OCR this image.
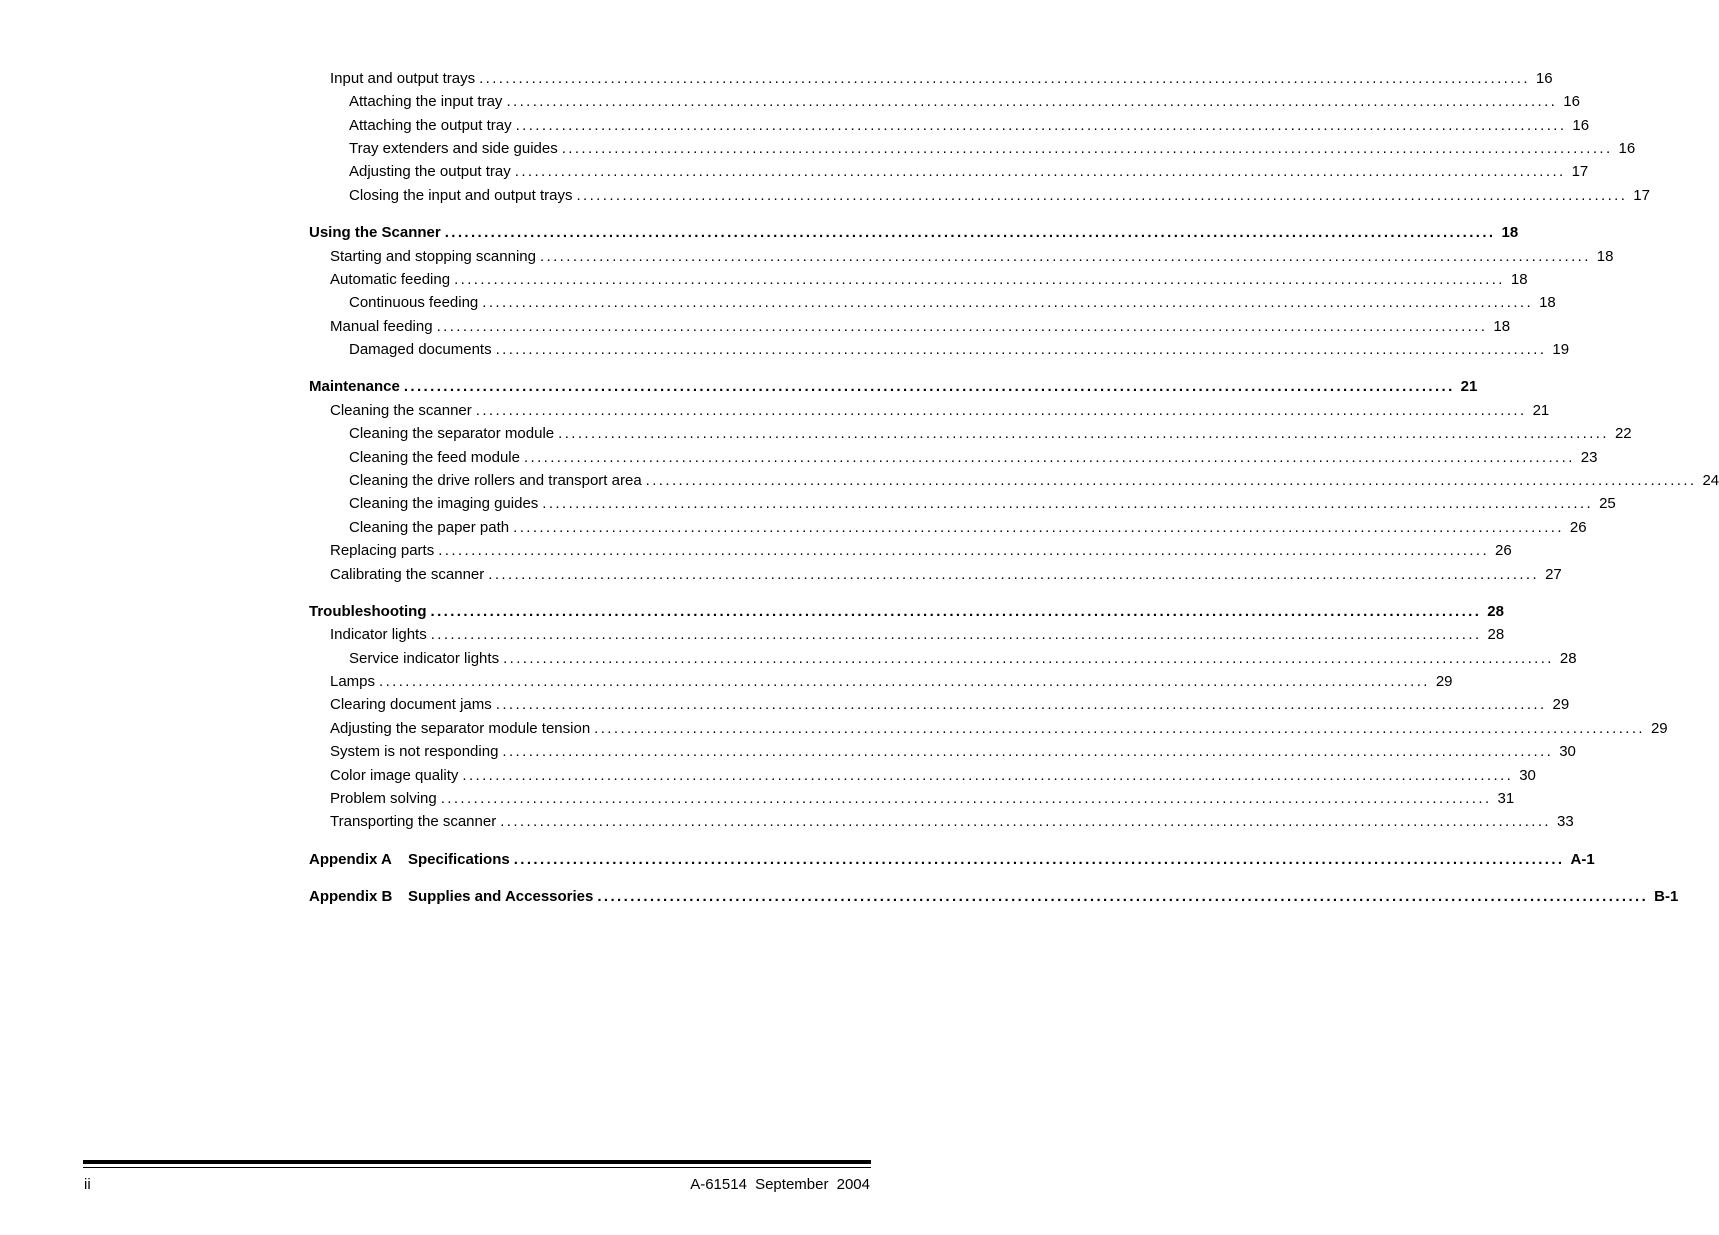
Input and output trays ................................................................................................................................................................ 16
Attaching the input tray ................................................................................................................................................................ 16
Attaching the output tray ................................................................................................................................................................ 16
Tray extenders and side guides ................................................................................................................................................................ 16
Adjusting the output tray ................................................................................................................................................................ 17
Closing the input and output trays ................................................................................................................................................................ 17
Using the Scanner ................................................................................................................................................................ 18
Starting and stopping scanning ................................................................................................................................................................ 18
Automatic feeding ................................................................................................................................................................ 18
Continuous feeding ................................................................................................................................................................ 18
Manual feeding ................................................................................................................................................................ 18
Damaged documents ................................................................................................................................................................ 19
Maintenance ................................................................................................................................................................ 21
Cleaning the scanner ................................................................................................................................................................ 21
Cleaning the separator module ................................................................................................................................................................ 22
Cleaning the feed module ................................................................................................................................................................ 23
Cleaning the drive rollers and transport area ................................................................................................................................................................ 24
Cleaning the imaging guides ................................................................................................................................................................ 25
Cleaning the paper path ................................................................................................................................................................ 26
Replacing parts ................................................................................................................................................................ 26
Calibrating the scanner ................................................................................................................................................................ 27
Troubleshooting ................................................................................................................................................................ 28
Indicator lights ................................................................................................................................................................ 28
Service indicator lights ................................................................................................................................................................ 28
Lamps ................................................................................................................................................................ 29
Clearing document jams ................................................................................................................................................................ 29
Adjusting the separator module tension ................................................................................................................................................................ 29
System is not responding ................................................................................................................................................................ 30
Color image quality ................................................................................................................................................................ 30
Problem solving ................................................................................................................................................................ 31
Transporting the scanner ................................................................................................................................................................ 33
Appendix A	Specifications ................................................................................................................................................................ A-1
Appendix B	Supplies and Accessories ................................................................................................................................................................ B-1
ii	A-61514 September 2004
